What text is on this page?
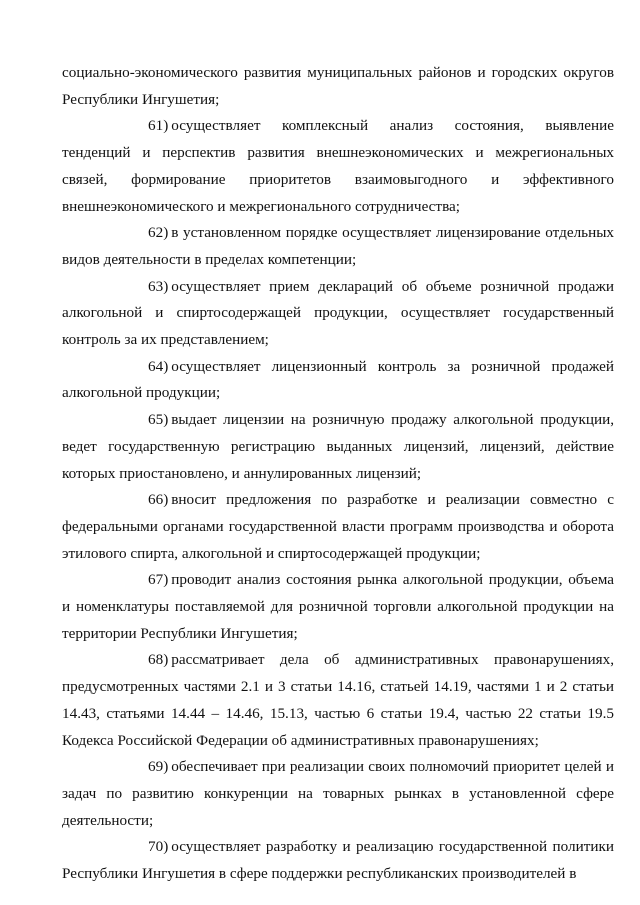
социально-экономического развития муниципальных районов и городских округов Республики Ингушетия;

61) осуществляет комплексный анализ состояния, выявление тенденций и перспектив развития внешнеэкономических и межрегиональных связей, формирование приоритетов взаимовыгодного и эффективного внешнеэкономического и межрегионального сотрудничества;

62) в установленном порядке осуществляет лицензирование отдельных видов деятельности в пределах компетенции;

63) осуществляет прием деклараций об объеме розничной продажи алкогольной и спиртосодержащей продукции, осуществляет государственный контроль за их представлением;

64) осуществляет лицензионный контроль за розничной продажей алкогольной продукции;

65) выдает лицензии на розничную продажу алкогольной продукции, ведет государственную регистрацию выданных лицензий, лицензий, действие которых приостановлено, и аннулированных лицензий;

66) вносит предложения по разработке и реализации совместно с федеральными органами государственной власти программ производства и оборота этилового спирта, алкогольной и спиртосодержащей продукции;

67) проводит анализ состояния рынка алкогольной продукции, объема и номенклатуры поставляемой для розничной торговли алкогольной продукции на территории Республики Ингушетия;

68) рассматривает дела об административных правонарушениях, предусмотренных частями 2.1 и 3 статьи 14.16, статьей 14.19, частями 1 и 2 статьи 14.43, статьями 14.44 – 14.46, 15.13, частью 6 статьи 19.4, частью 22 статьи 19.5 Кодекса Российской Федерации об административных правонарушениях;

69) обеспечивает при реализации своих полномочий приоритет целей и задач по развитию конкуренции на товарных рынках в установленной сфере деятельности;

70) осуществляет разработку и реализацию государственной политики Республики Ингушетия в сфере поддержки республиканских производителей в
